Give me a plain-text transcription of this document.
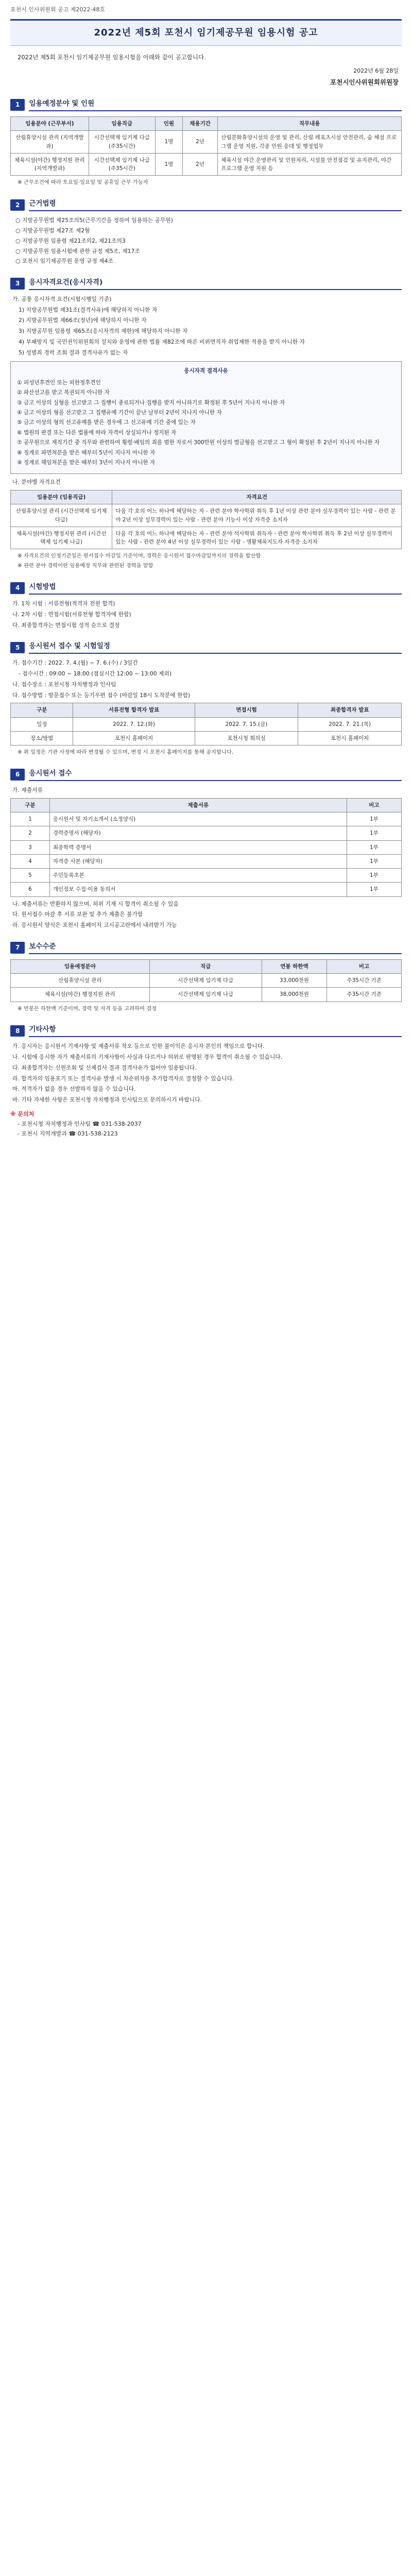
포천시 인사위원회 공고 제2022-48호
2022년 제5회 포천시 임기제공무원 임용시험 공고
2022년 제5회 포천시 임기제공무원 임용시험을 아래와 같이 공고합니다.
2022년 6월 28일
포천시인사위원회위원장
1	임용예정분야 및 인원
임용분야 (근무부서)	임용직급	인원	채용기간	직무내용
산림휴양시설 관리 (지역개발과)	시간선택제 임기제 다급 (주35시간)	1명	2년	산림문화휴양시설의 운영 및 관리, 산림 레포츠시설 안전관리, 숲 해설 프로그램 운영 지원, 각종 민원 응대 및 행정업무
체육시설(야간) 행정지원 관리 (지역개발과)	시간선택제 임기제 나급 (주35시간)	1명	2년	체육시설 야간 운영관리 및 민원처리, 시설물 안전점검 및 유지관리, 야간 프로그램 운영 지원 등
※ 근무조건에 따라 토요일·일요일 및 공휴일 근무 가능자
2	근거법령
○ 지방공무원법 제25조의5(근무기간을 정하여 임용하는 공무원)
○ 지방공무원법 제27조 제2항
○ 지방공무원 임용령 제21조의2, 제21조의3
○ 지방공무원 임용시험에 관한 규정 제5조, 제17조
○ 포천시 임기제공무원 운영 규정 제4조
3	응시자격요건(응시자격)
가. 공통 응시자격 요건(시험시행일 기준)
1) 지방공무원법 제31조(결격사유)에 해당하지 아니한 자
2) 지방공무원법 제66조(정년)에 해당하지 아니한 자
3) 지방공무원 임용령 제65조(응시자격의 제한)에 해당하지 아니한 자
4) 부패방지 및 국민권익위원회의 설치와 운영에 관한 법률 제82조에 따른 비위면직자 취업제한 적용을 받지 아니한 자
5) 성범죄 경력 조회 결과 결격사유가 없는 자
응시자격 결격사유

① 피성년후견인 또는 피한정후견인

② 파산선고를 받고 복권되지 아니한 자

③ 금고 이상의 실형을 선고받고 그 집행이 종료되거나 집행을 받지 아니하기로 확정된 후 5년이 지나지 아니한 자

④ 금고 이상의 형을 선고받고 그 집행유예 기간이 끝난 날부터 2년이 지나지 아니한 자

⑤ 금고 이상의 형의 선고유예를 받은 경우에 그 선고유예 기간 중에 있는 자

⑥ 법원의 판결 또는 다른 법률에 따라 자격이 상실되거나 정지된 자

⑦ 공무원으로 재직기간 중 직무와 관련하여 횡령·배임의 죄를 범한 자로서 300만원 이상의 벌금형을 선고받고 그 형이 확정된 후 2년이 지나지 아니한 자

⑧ 징계로 파면처분을 받은 때부터 5년이 지나지 아니한 자

⑨ 징계로 해임처분을 받은 때부터 3년이 지나지 아니한 자

나. 분야별 자격요건
임용분야 (임용직급)	자격요건
산림휴양시설 관리 (시간선택제 임기제 다급)	다음 각 호의 어느 하나에 해당하는 자 - 관련 분야 학사학위 취득 후 1년 이상 관련 분야 실무경력이 있는 사람 - 관련 분야 2년 이상 실무경력이 있는 사람 - 관련 분야 기능사 이상 자격증 소지자
체육시설(야간) 행정지원 관리 (시간선택제 임기제 나급)	다음 각 호의 어느 하나에 해당하는 자 - 관련 분야 석사학위 취득자 - 관련 분야 학사학위 취득 후 2년 이상 실무경력이 있는 사람 - 관련 분야 4년 이상 실무경력이 있는 사람 - 생활체육지도자 자격증 소지자
※ 자격요건의 인정기준일은 원서접수 마감일 기준이며, 경력은 응시원서 접수마감일까지의 경력을 합산함
※ 관련 분야 경력이란 임용예정 직무와 관련된 경력을 말함
4	시험방법
가. 1차 시험 : 서류전형(적격자 전원 합격)
나. 2차 시험 : 면접시험(서류전형 합격자에 한함)
다. 최종합격자는 면접시험 성적 순으로 결정
5	응시원서 접수 및 시험일정
가. 접수기간 : 2022. 7. 4.(월) ~ 7. 6.(수) / 3일간
- 접수시간 : 09:00 ~ 18:00 (점심시간 12:00 ~ 13:00 제외)
나. 접수장소 : 포천시청 자치행정과 인사팀
다. 접수방법 : 방문접수 또는 등기우편 접수 (마감일 18시 도착분에 한함)
구분	서류전형 합격자 발표	면접시험	최종합격자 발표
일정	2022. 7. 12.(화)	2022. 7. 15.(금)	2022. 7. 21.(목)
장소/방법	포천시 홈페이지	포천시청 회의실	포천시 홈페이지
※ 위 일정은 기관 사정에 따라 변경될 수 있으며, 변경 시 포천시 홈페이지를 통해 공지합니다.
6	응시원서 접수
가. 제출서류
구분	제출서류	비고
1	응시원서 및 자기소개서 (소정양식)	1부
2	경력증명서 (해당자)	1부
3	최종학력 증명서	1부
4	자격증 사본 (해당자)	1부
5	주민등록초본	1부
6	개인정보 수집·이용 동의서	1부
나. 제출서류는 반환하지 않으며, 허위 기재 시 합격이 취소될 수 있음
다. 원서접수 마감 후 서류 보완 및 추가 제출은 불가함
라. 응시원서 양식은 포천시 홈페이지 고시공고란에서 내려받기 가능
7	보수수준
임용예정분야	직급	연봉 하한액	비고
산림휴양시설 관리	시간선택제 임기제 다급	33,000천원	주35시간 기준
체육시설(야간) 행정지원 관리	시간선택제 임기제 나급	38,000천원	주35시간 기준
※ 연봉은 하한액 기준이며, 경력 및 자격 등을 고려하여 결정
8	기타사항
가. 응시자는 응시원서 기재사항 및 제출서류 착오 등으로 인한 불이익은 응시자 본인의 책임으로 합니다.
나. 시험에 응시한 자가 제출서류의 기재사항이 사실과 다르거나 허위로 판명된 경우 합격이 취소될 수 있습니다.
다. 최종합격자는 신원조회 및 신체검사 결과 결격사유가 없어야 임용됩니다.
라. 합격자의 임용포기 또는 결격사유 발생 시 차순위자를 추가합격자로 결정할 수 있습니다.
마. 적격자가 없을 경우 선발하지 않을 수 있습니다.
바. 기타 자세한 사항은 포천시청 자치행정과 인사팀으로 문의하시기 바랍니다.
※ 문의처

- 포천시청 자치행정과 인사팀 ☎ 031-538-2037

- 포천시 지역개발과 ☎ 031-538-2123
